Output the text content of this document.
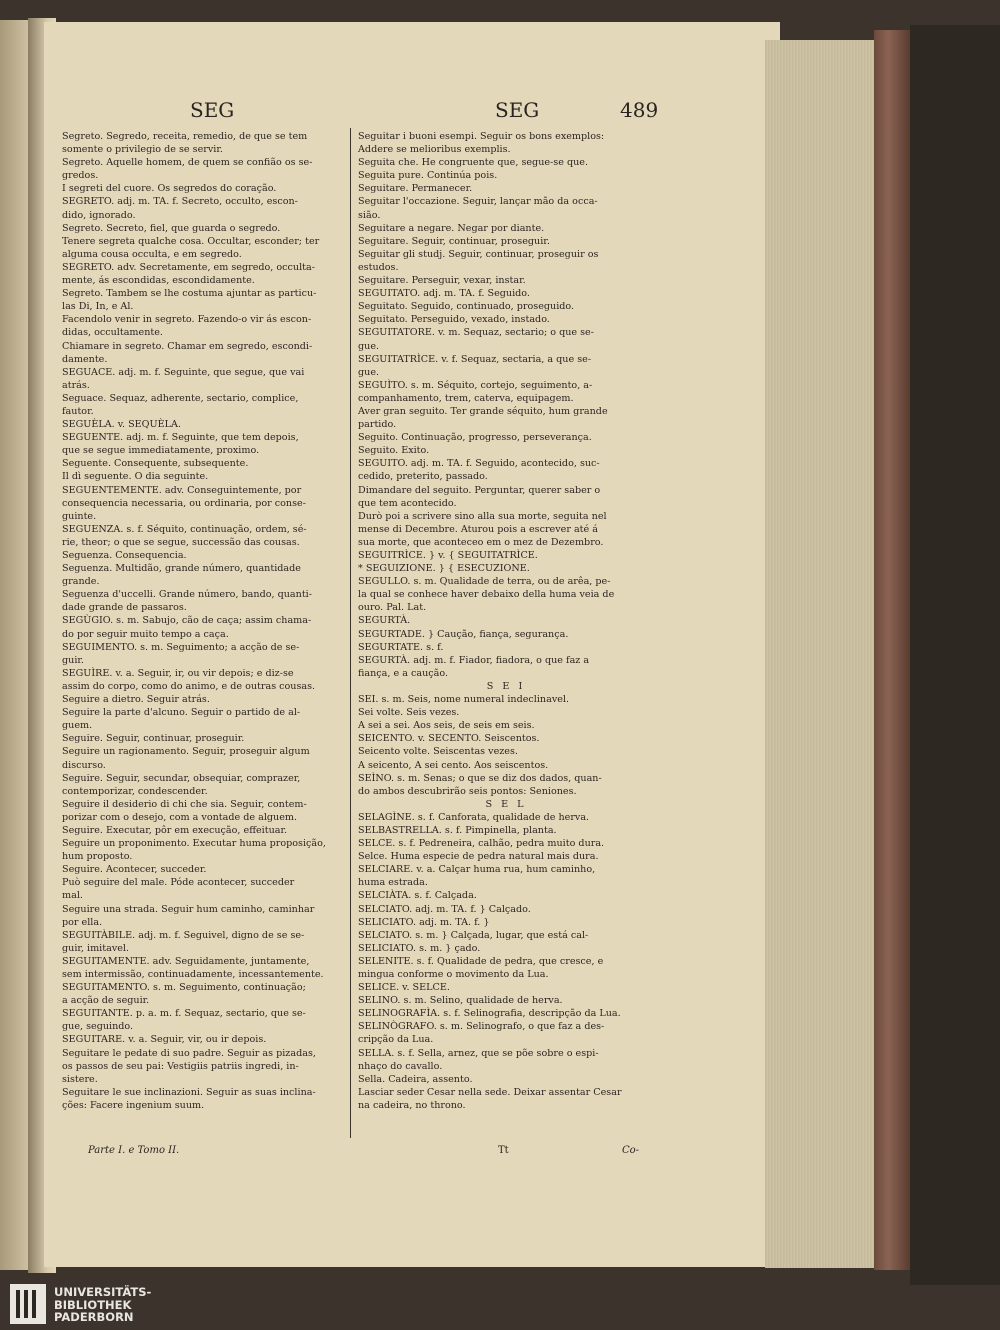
SEG	SEG	489
Segreto. Segredo, receita, remedio, de que se tem
somente o privilegio de se servir.
Segreto. Aquelle homem, de quem se confião os se-
gredos.
I segreti del cuore. Os segredos do coração.
SEGRETO. adj. m. TA. f. Secreto, occulto, escon-
dido, ignorado.
Segreto. Secreto, fiel, que guarda o segredo.
Tenere segreta qualche cosa. Occultar, esconder; ter
alguma cousa occulta, e em segredo.
SEGRETO. adv. Secretamente, em segredo, occulta-
mente, ás escondidas, escondidamente.
Segreto. Tambem se lhe costuma ajuntar as particu-
las Di, In, e Al.
Facendolo venir in segreto. Fazendo-o vir ás escon-
didas, occultamente.
Chiamare in segreto. Chamar em segredo, escondi-
damente.
SEGUACE. adj. m. f. Seguinte, que segue, que vai
atrás.
Seguace. Sequaz, adherente, sectario, complice,
fautor.
SEGUÈLA. v. SEQUÈLA.
SEGUENTE. adj. m. f. Seguinte, que tem depois,
que se segue immediatamente, proximo.
Seguente. Consequente, subsequente.
Il dì seguente. O dia seguinte.
SEGUENTEMENTE. adv. Conseguintemente, por
consequencia necessaria, ou ordinaria, por conse-
guinte.
SEGUENZA. s. f. Séquito, continuação, ordem, sé-
rie, theor; o que se segue, successão das cousas.
Seguenza. Consequencia.
Seguenza. Multidão, grande número, quantidade
grande.
Seguenza d'uccelli. Grande número, bando, quanti-
dade grande de passaros.
SEGÙGIO. s. m. Sabujo, cão de caça; assim chama-
do por seguir muito tempo a caça.
SEGUIMENTO. s. m. Seguimento; a acção de se-
guir.
SEGUÌRE. v. a. Seguir, ir, ou vir depois; e diz-se
assim do corpo, como do animo, e de outras cousas.
Seguire a dietro. Seguir atrás.
Seguire la parte d'alcuno. Seguir o partido de al-
guem.
Seguire. Seguir, continuar, proseguir.
Seguire un ragionamento. Seguir, proseguir algum
discurso.
Seguire. Seguir, secundar, obsequiar, comprazer,
contemporizar, condescender.
Seguire il desiderio di chi che sia. Seguir, contem-
porizar com o desejo, com a vontade de alguem.
Seguire. Executar, pôr em execução, effeituar.
Seguire un proponimento. Executar huma proposição,
hum proposto.
Seguire. Acontecer, succeder.
Può seguire del male. Póde acontecer, succeder
mal.
Seguire una strada. Seguir hum caminho, caminhar
por ella.
SEGUITÀBILE. adj. m. f. Seguivel, digno de se se-
guir, imitavel.
SEGUITAMENTE. adv. Seguidamente, juntamente,
sem intermissão, continuadamente, incessantemente.
SEGUITAMENTO. s. m. Seguimento, continuação;
a acção de seguir.
SEGUITANTE. p. a. m. f. Sequaz, sectario, que se-
gue, seguindo.
SEGUITARE. v. a. Seguir, vir, ou ir depois.
Seguitare le pedate di suo padre. Seguir as pizadas,
os passos de seu pai: Vestigiis patriis ingredi, in-
sistere.
Seguitare le sue inclinazioni. Seguir as suas inclina-
ções: Facere ingenium suum.
Seguitar i buoni esempi. Seguir os bons exemplos:
Addere se melioribus exemplis.
Seguita che. He congruente que, segue-se que.
Seguita pure. Continúa pois.
Seguitare. Permanecer.
Seguitar l'occazione. Seguir, lançar mão da occa-
sião.
Seguitare a negare. Negar por diante.
Seguitare. Seguir, continuar, proseguir.
Seguitar gli studj. Seguir, continuar, proseguir os
estudos.
Seguitare. Perseguir, vexar, instar.
SEGUITATO. adj. m. TA. f. Seguido.
Seguitato. Seguido, continuado, proseguido.
Seguitato. Perseguido, vexado, instado.
SEGUITATORE. v. m. Sequaz, sectario; o que se-
gue.
SEGUITATRÌCE. v. f. Sequaz, sectaria, a que se-
gue.
SEGUÌTO. s. m. Séquito, cortejo, seguimento, a-
companhamento, trem, caterva, equipagem.
Aver gran seguito. Ter grande séquito, hum grande
partido.
Seguito. Continuação, progresso, perseverança.
Seguito. Exito.
SEGUITO. adj. m. TA. f. Seguido, acontecido, suc-
cedido, preterito, passado.
Dimandare del seguito. Perguntar, querer saber o
que tem acontecido.
Durò poi a scrivere sino alla sua morte, seguita nel
mense di Decembre. Aturou pois a escrever até á
sua morte, que aconteceo em o mez de Dezembro.
SEGUITRÌCE. } v. { SEGUITATRÌCE.
* SEGUIZIONE. } { ESECUZIONE.
SEGULLO. s. m. Qualidade de terra, ou de arêa, pe-
la qual se conhece haver debaixo della huma veia de
ouro. Pal. Lat.
SEGURTÀ.
SEGURTADE. } Caução, fiança, segurança.
SEGURTATE. s. f.
SEGURTÀ. adj. m. f. Fiador, fiadora, o que faz a
fiança, e a caução.
S E I
SEI. s. m. Seis, nome numeral indeclinavel.
Sei volte. Seis vezes.
A sei a sei. Aos seis, de seis em seis.
SEICENTO. v. SECENTO. Seiscentos.
Seicento volte. Seiscentas vezes.
A seicento, A sei cento. Aos seiscentos.
SEÌNO. s. m. Senas; o que se diz dos dados, quan-
do ambos descubrirão seis pontos: Seniones.
S E L
SELAGÌNE. s. f. Canforata, qualidade de herva.
SELBASTRELLA. s. f. Pimpinella, planta.
SELCE. s. f. Pedreneira, calhão, pedra muito dura.
Selce. Huma especie de pedra natural mais dura.
SELCIARE. v. a. Calçar huma rua, hum caminho,
huma estrada.
SELCIÀTA. s. f. Calçada.
SELCIATO. adj. m. TA. f. } Calçado.
SELICIATO. adj. m. TA. f. }
SELCIATO. s. m. } Calçada, lugar, que está cal-
SELICIATO. s. m. } çado.
SELENITE. s. f. Qualidade de pedra, que cresce, e
mingua conforme o movimento da Lua.
SELICE. v. SELCE.
SELINO. s. m. Selino, qualidade de herva.
SELINOGRAFÌA. s. f. Selinografia, descripção da Lua.
SELINÒGRAFO. s. m. Selinografo, o que faz a des-
cripção da Lua.
SELLA. s. f. Sella, arnez, que se põe sobre o espi-
nhaço do cavallo.
Sella. Cadeira, assento.
Lasciar seder Cesar nella sede. Deixar assentar Cesar
na cadeira, no throno.
Parte I. e Tomo II.	Tt	Co-
UNIVERSITÄTS-
BIBLIOTHEK
PADERBORN
